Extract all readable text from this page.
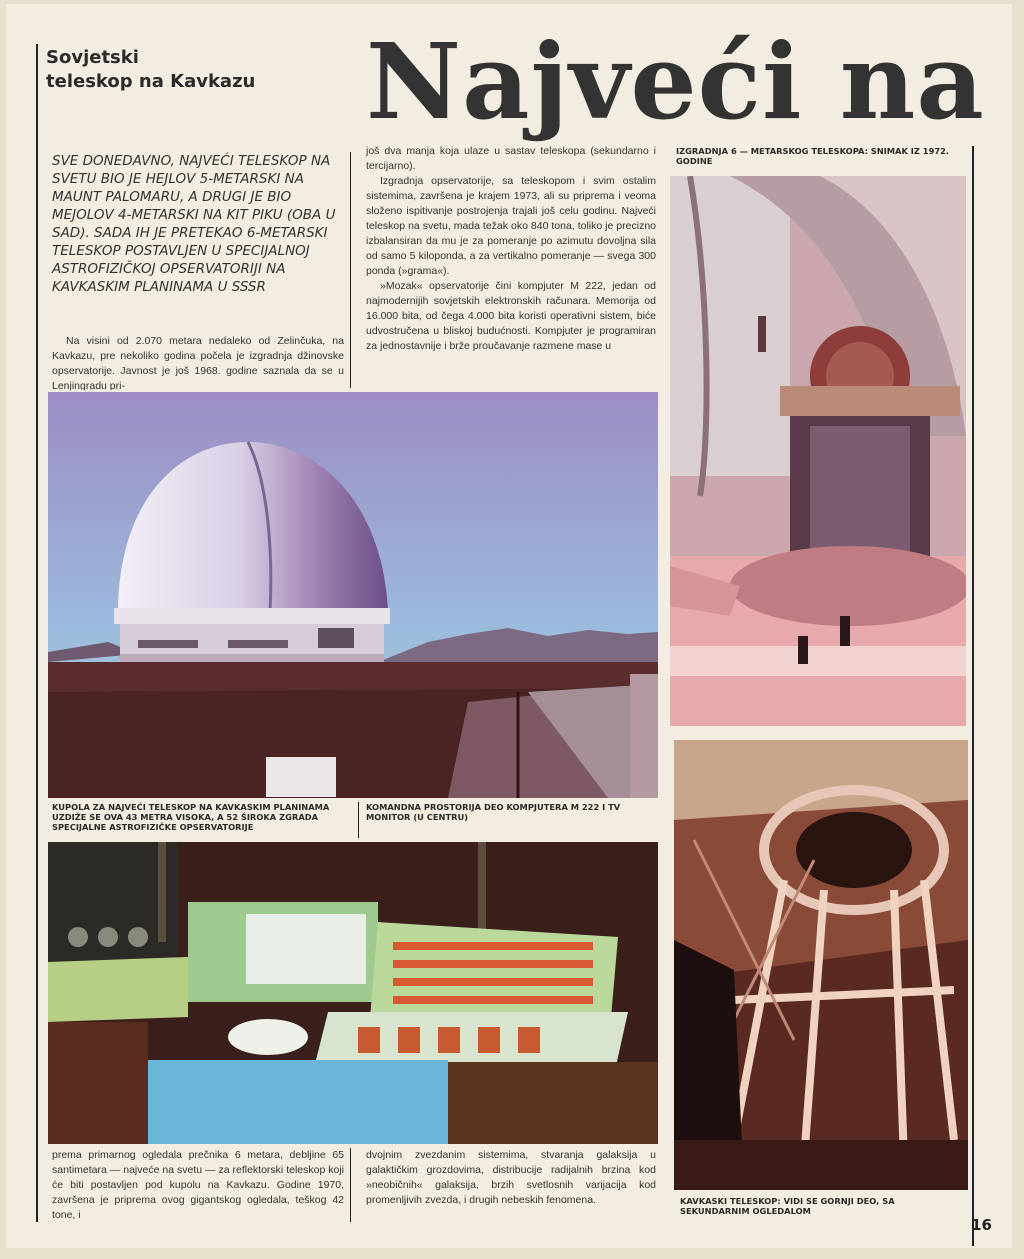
Sovjetski
teleskop na Kavkazu	Najveći na
SVE DONEDAVNO, NAJVEĆI TELESKOP NA SVETU BIO JE HEJLOV 5-METARSKI NA MAUNT PALOMARU, A DRUGI JE BIO MEJOLOV 4-METARSKI NA KIT PIKU (OBA U SAD). SADA IH JE PRETEKAO 6-METARSKI TELESKOP POSTAVLJEN U SPECIJALNOJ ASTROFIZIČKOJ OPSERVATORIJI NA KAVKASKIM PLANINAMA U SSSR

Na visini od 2.070 metara nedaleko od Zelinčuka, na Kavkazu, pre nekoliko godina počela je izgradnja džinovske opservatorije. Javnost je još 1968. godine saznala da se u Lenjingradu pri-

još dva manja koja ulaze u sastav teleskopa (sekundarno i tercijarno).

Izgradnja opservatorije, sa teleskopom i svim ostalim sistemima, završena je krajem 1973, ali su priprema i veoma složeno ispitivanje postrojenja trajali još celu godinu. Najveći teleskop na svetu, mada težak oko 840 tona, toliko je precizno izbalansiran da mu je za pomeranje po azimutu dovoljna sila od samo 5 kiloponda, a za vertikalno pomeranje — svega 300 ponda (»grama«).

»Mozak« opservatorije čini kompjuter M 222, jedan od najmodernijih sovjetskih elektronskih računara. Memorija od 16.000 bita, od čega 4.000 bita koristi operativni sistem, biće udvostručena u bliskoj budućnosti. Kompjuter je programiran za jednostavnije i brže proučavanje razmene mase u

KUPOLA ZA NAJVEĆI TELESKOP NA KAVKASKIM PLANINAMA UZDIŽE SE OVA 43 METRA VISOKA, A 52 ŠIROKA ZGRADA SPECIJALNE ASTROFIZIČKE OPSERVATORIJE
KOMANDNA PROSTORIJA DEO KOMPJUTERA M 222 I TV MONITOR (U CENTRU)
IZGRADNJA 6 — METARSKOG TELESKOPA: SNIMAK IZ 1972. GODINE
KAVKASKI TELESKOP: VIDI SE GORNJI DEO, SA SEKUNDARNIM OGLEDALOM

prema primarnog ogledala prečnika 6 metara, debljine 65 santimetara — najveće na svetu — za reflektorski teleskop koji će biti postavljen pod kupolu na Kavkazu. Godine 1970, završena je priprema ovog gigantskog ogledala, teškog 42 tone, i

dvojnim zvezdanim sistemima, stvaranja galaksija u galaktičkim grozdovima, distribucije radijalnih brzina kod »neobičnih« galaksija, brzih svetlosnih varijacija kod promenljivih zvezda, i drugih nebeskih fenomena.

16
